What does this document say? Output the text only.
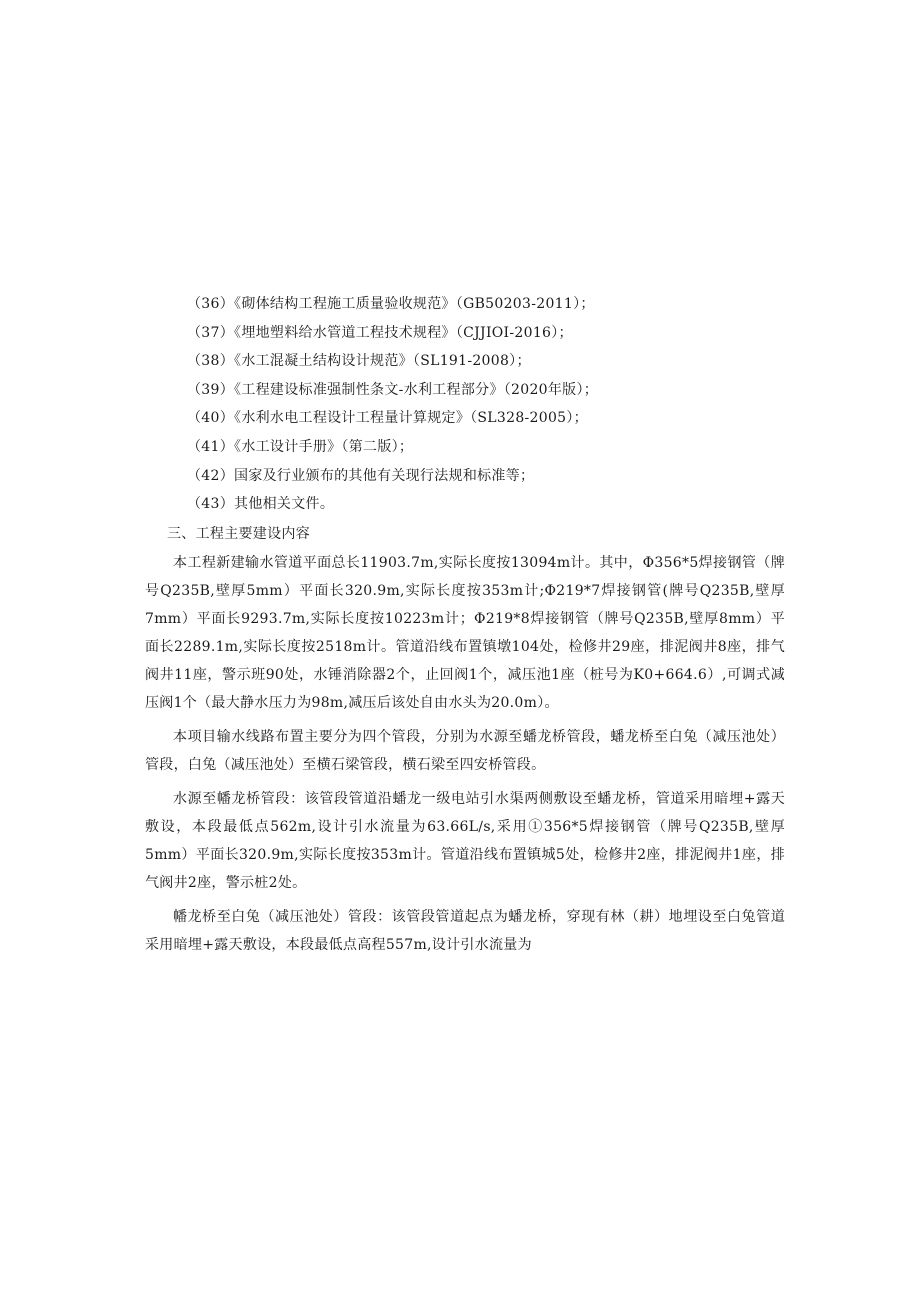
（36）《砌体结构工程施工质量验收规范》（GB50203-2011）；
（37）《埋地塑料给水管道工程技术规程》（CJJIOI-2016）；
（38）《水工混凝土结构设计规范》（SL191-2008）；
（39）《工程建设标准强制性条文-水利工程部分》（2020年版）；
（40）《水利水电工程设计工程量计算规定》（SL328-2005）；
（41）《水工设计手册》（第二版）；
（42）国家及行业颁布的其他有关现行法规和标准等；
（43）其他相关文件。
三、工程主要建设内容

本工程新建输水管道平面总长11903.7m,实际长度按13094m计。其中，Φ356*5焊接钢管（牌号Q235B,壁厚5mm）平面长320.9m,实际长度按353m计;Φ219*7焊接钢管(牌号Q235B,壁厚7mm）平面长9293.7m,实际长度按10223m计；Φ219*8焊接钢管（牌号Q235B,壁厚8mm）平面长2289.1m,实际长度按2518m计。管道沿线布置镇墩104处，检修井29座，排泥阀井8座，排气阀井11座，警示班90处，水锤消除器2个，止回阀1个，减压池1座（桩号为K0+664.6）,可调式减压阀1个（最大静水压力为98m,减压后该处自由水头为20.0m）。

本项目输水线路布置主要分为四个管段，分别为水源至蟠龙桥管段，蟠龙桥至白兔（减压池处）管段，白兔（减压池处）至横石梁管段，横石梁至四安桥管段。

水源至幡龙桥管段：该管段管道沿蟠龙一级电站引水渠两侧敷设至蟠龙桥，管道采用暗埋+露天敷设，本段最低点562m,设计引水流量为63.66L∕s,采用①356*5焊接钢管（牌号Q235B,壁厚5mm）平面长320.9m,实际长度按353m计。管道沿线布置镇城5处，检修井2座，排泥阀井1座，排气阀井2座，警示桩2处。

幡龙桥至白兔（减压池处）管段：该管段管道起点为蟠龙桥，穿现有林（耕）地埋设至白兔管道采用暗埋+露天敷设，本段最低点高程557m,设计引水流量为
